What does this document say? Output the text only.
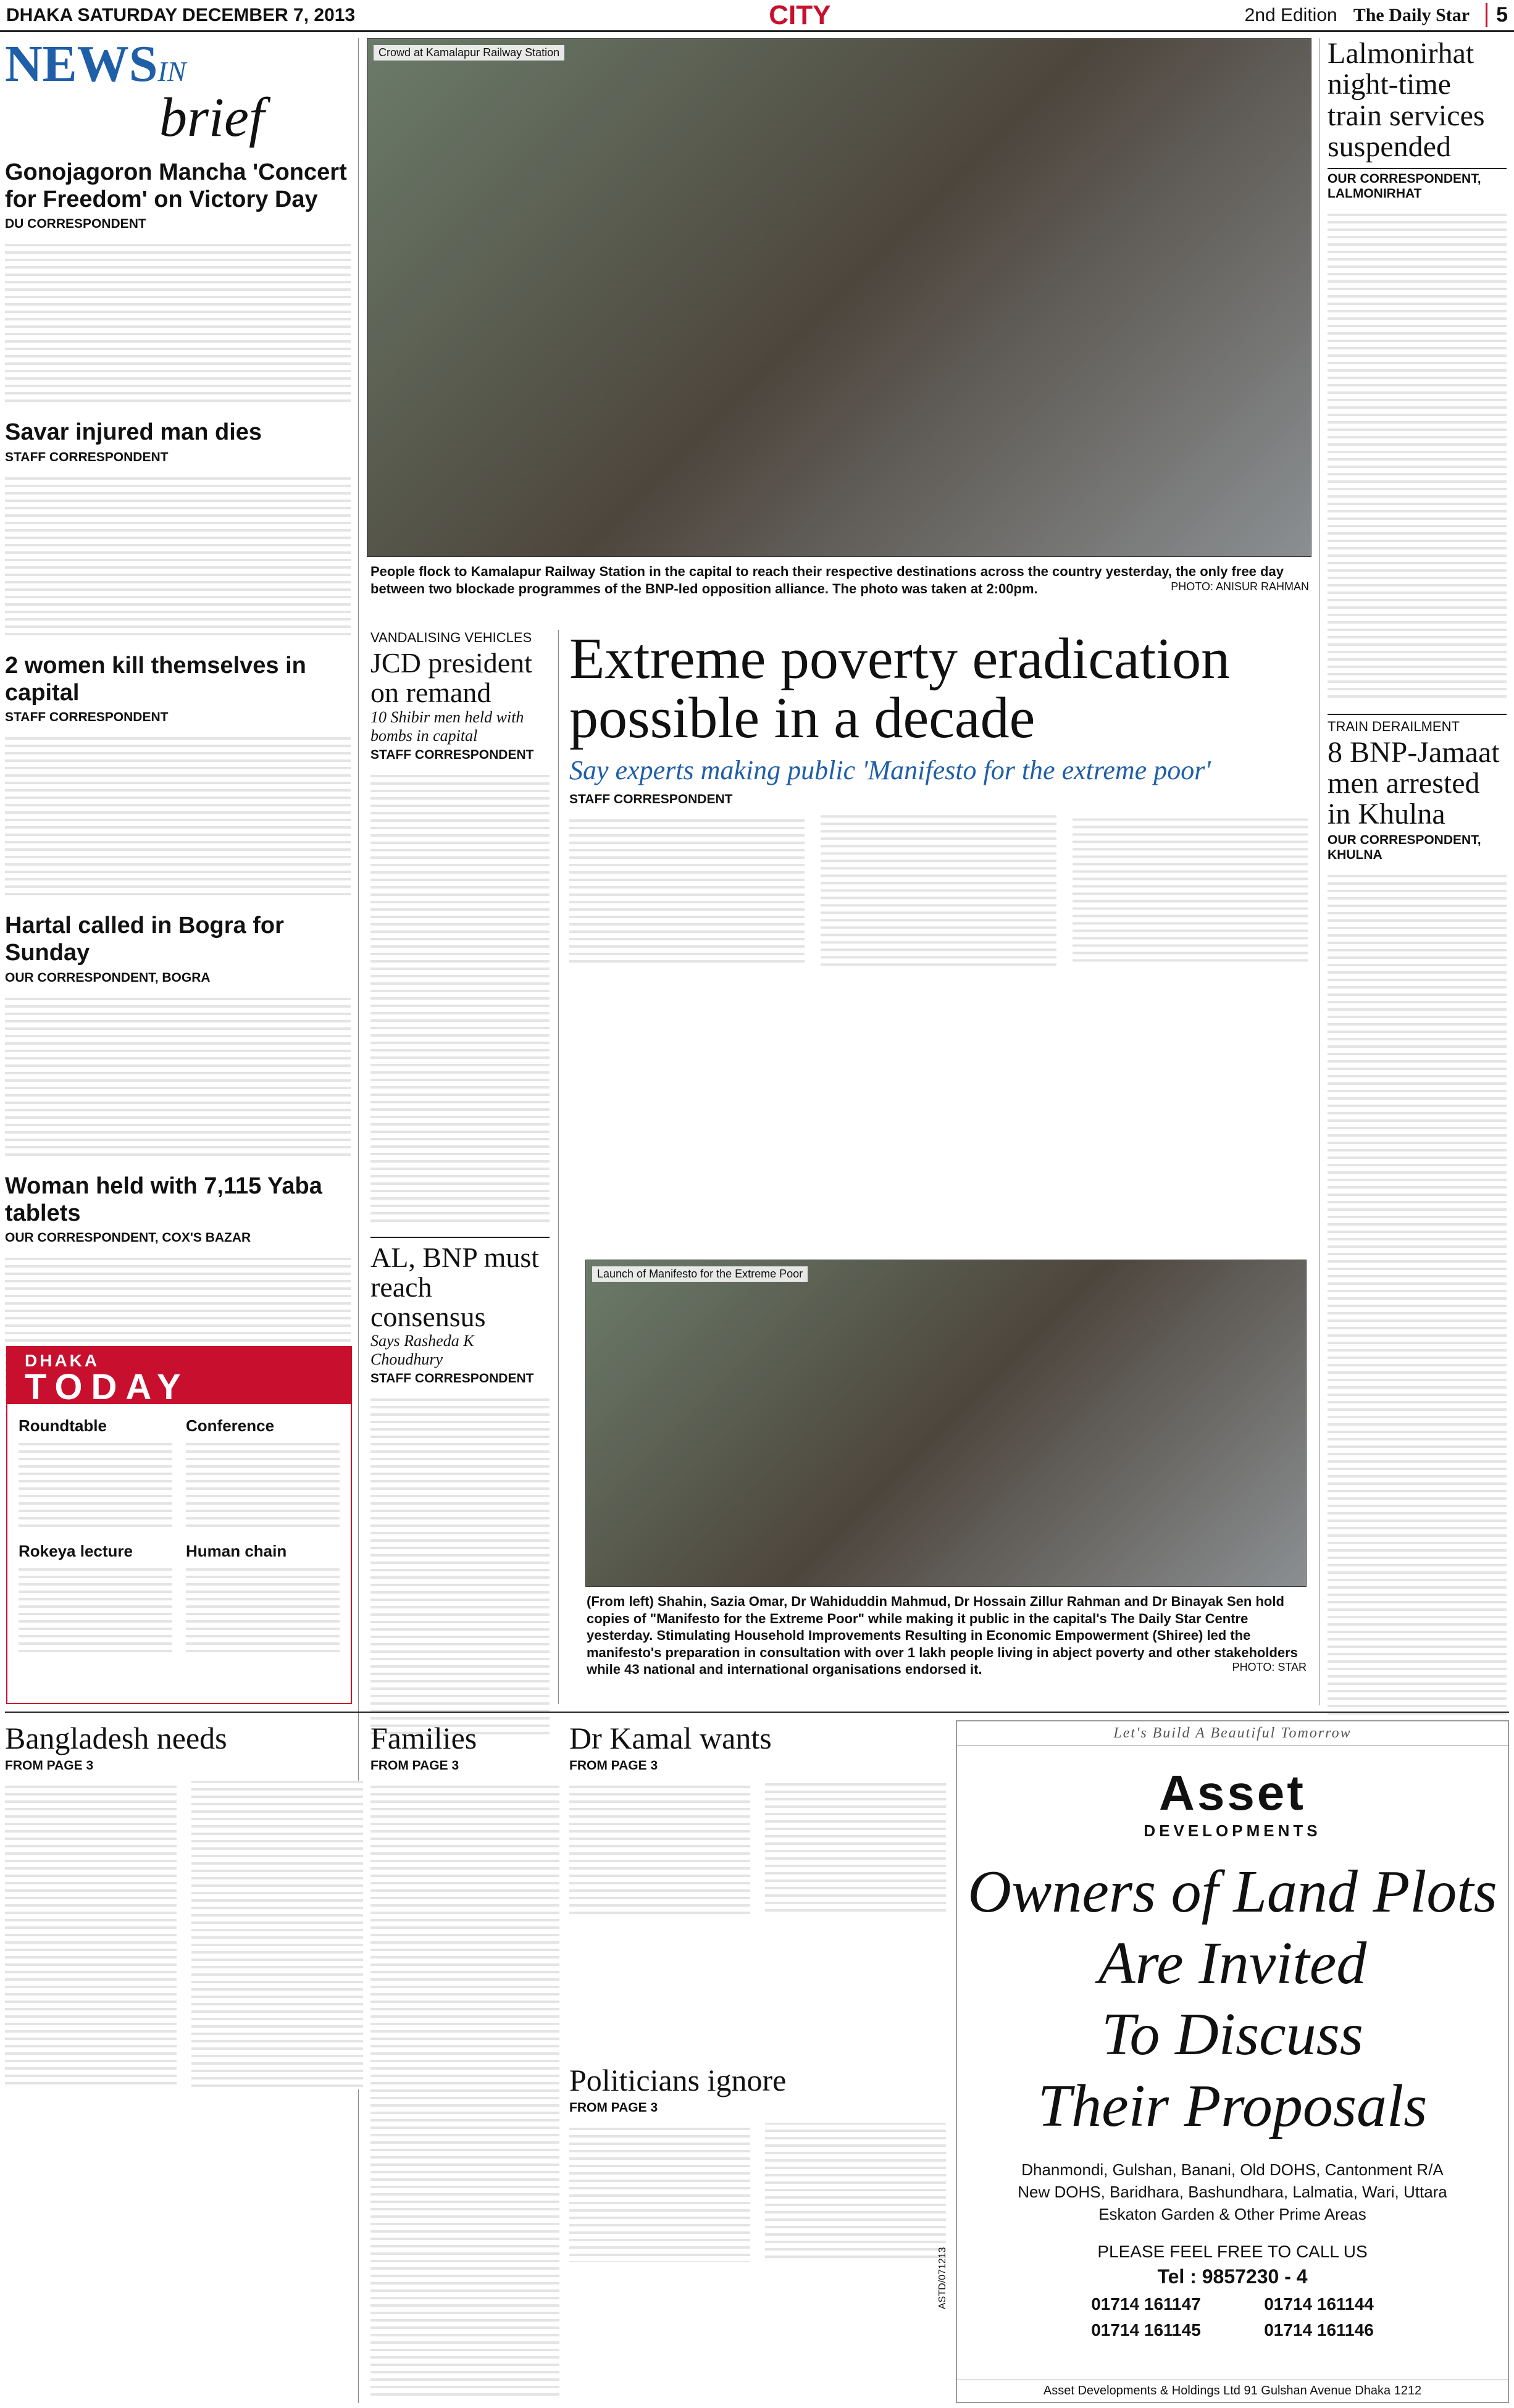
DHAKA SATURDAY DECEMBER 7, 2013	CITY	2nd Edition The Daily Star	5
NEWSIN
brief
Gonojagoron Mancha 'Concert for Freedom' on Victory Day
DU CORRESPONDENT
Savar injured man dies
STAFF CORRESPONDENT
2 women kill themselves in capital
STAFF CORRESPONDENT
Hartal called in Bogra for Sunday
OUR CORRESPONDENT, BOGRA
Woman held with 7,115 Yaba tablets
OUR CORRESPONDENT, COX'S BAZAR
Crowd at Kamalapur Railway Station
People flock to Kamalapur Railway Station in the capital to reach their respective destinations across the country yesterday, the only free day between two blockade programmes of the BNP-led opposition alliance. The photo was taken at 2:00pm.	PHOTO: ANISUR RAHMAN
Lalmonirhat night-time train services suspended
OUR CORRESPONDENT, LALMONIRHAT
TRAIN DERAILMENT
8 BNP-Jamaat men arrested in Khulna
OUR CORRESPONDENT, KHULNA
VANDALISING VEHICLES
JCD president on remand
10 Shibir men held with bombs in capital
STAFF CORRESPONDENT
AL, BNP must reach consensus
Says Rasheda K Choudhury
STAFF CORRESPONDENT
Extreme poverty eradication possible in a decade
Say experts making public 'Manifesto for the extreme poor'
STAFF CORRESPONDENT
Launch of Manifesto for the Extreme Poor
(From left) Shahin, Sazia Omar, Dr Wahiduddin Mahmud, Dr Hossain Zillur Rahman and Dr Binayak Sen hold copies of "Manifesto for the Extreme Poor" while making it public in the capital's The Daily Star Centre yesterday. Stimulating Household Improvements Resulting in Economic Empowerment (Shiree) led the manifesto's preparation in consultation with over 1 lakh people living in abject poverty and other stakeholders while 43 national and international organisations endorsed it.	PHOTO: STAR
DHAKA
TODAY
Roundtable	Conference
Rokeya lecture	Human chain
Bangladesh needs
FROM PAGE 3
Families
FROM PAGE 3
Dr Kamal wants
FROM PAGE 3
Politicians ignore
FROM PAGE 3
Let's Build A Beautiful Tomorrow
Asset
DEVELOPMENTS
Owners of Land Plots
Are Invited
To Discuss
Their Proposals
Dhanmondi, Gulshan, Banani, Old DOHS, Cantonment R/A
New DOHS, Baridhara, Bashundhara, Lalmatia, Wari, Uttara
Eskaton Garden & Other Prime Areas
PLEASE FEEL FREE TO CALL US
Tel : 9857230 - 4
01714 161147	01714 161144
01714 161145	01714 161146
Asset Developments & Holdings Ltd 91 Gulshan Avenue Dhaka 1212
ASTD/071213
